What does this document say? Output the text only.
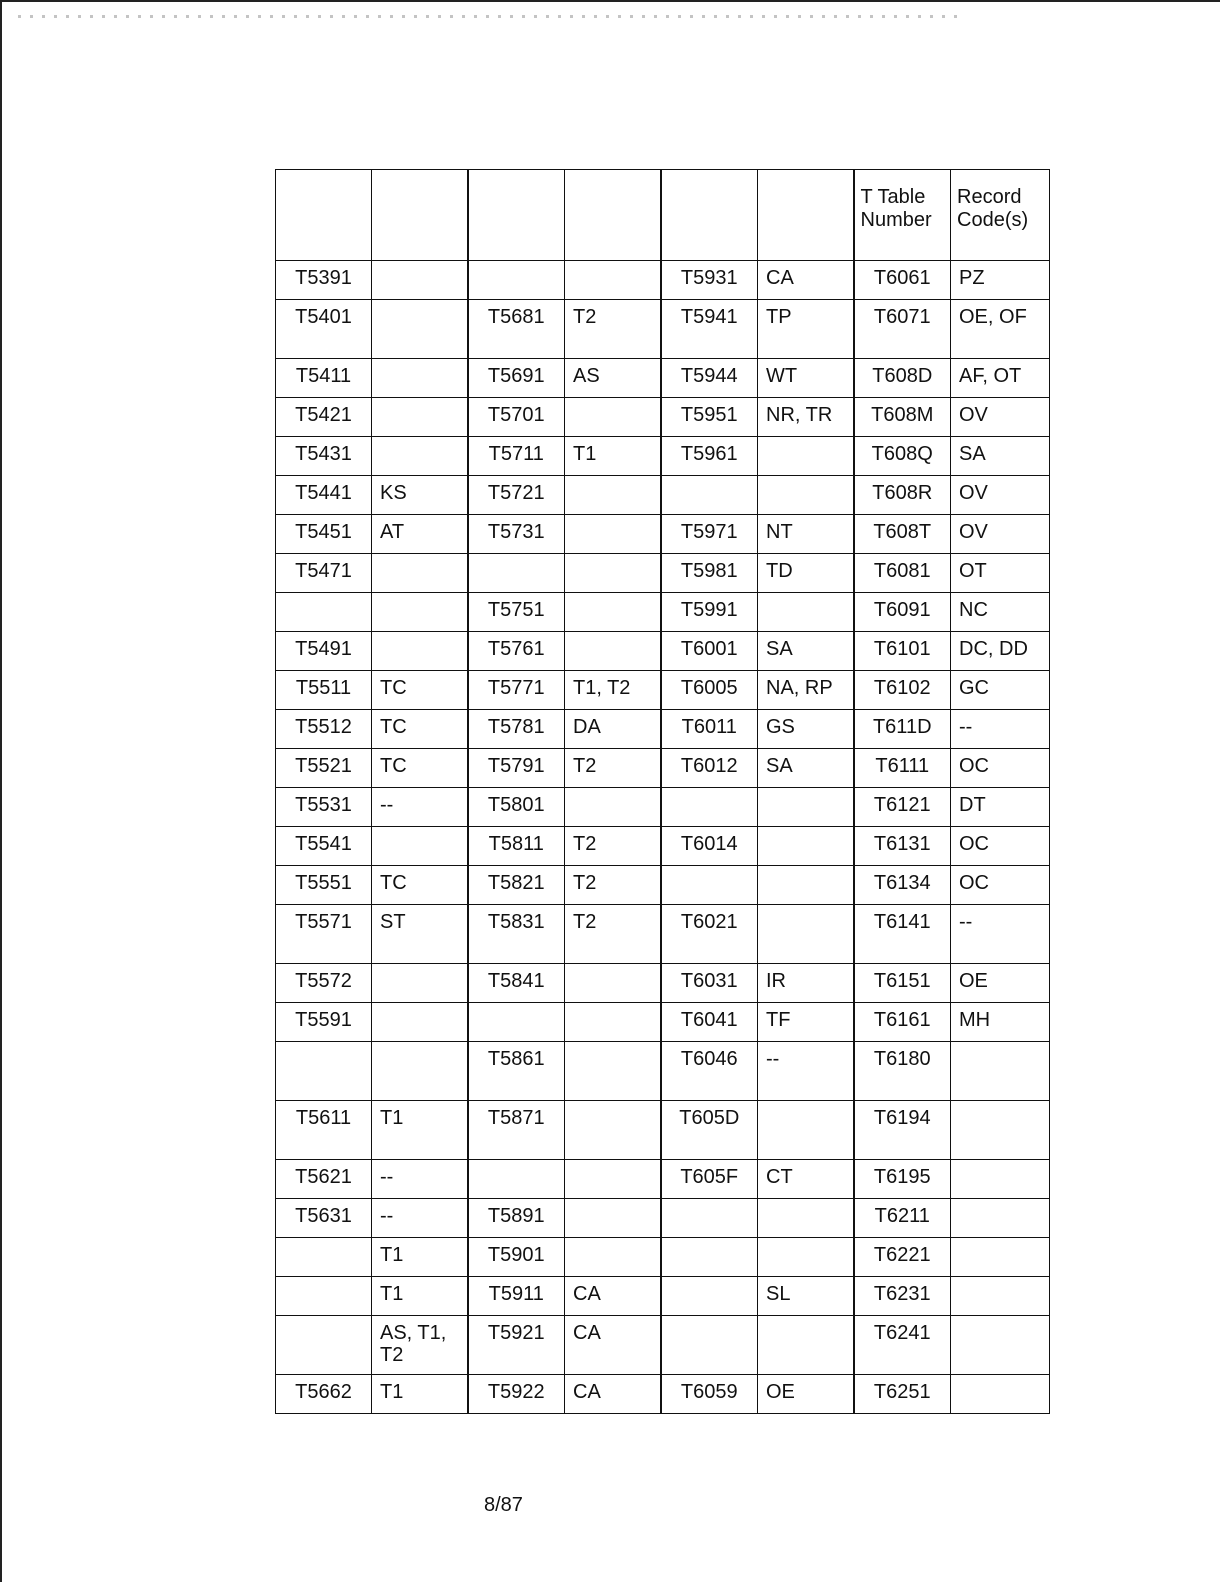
						T Table Number	Record Code(s)
T5391				T5931	CA	T6061	PZ
T5401		T5681	T2	T5941	TP	T6071	OE, OF
T5411		T5691	AS	T5944	WT	T608D	AF, OT
T5421		T5701		T5951	NR, TR	T608M	OV
T5431		T5711	T1	T5961		T608Q	SA
T5441	KS	T5721				T608R	OV
T5451	AT	T5731		T5971	NT	T608T	OV
T5471				T5981	TD	T6081	OT
		T5751		T5991		T6091	NC
T5491		T5761		T6001	SA	T6101	DC, DD
T5511	TC	T5771	T1, T2	T6005	NA, RP	T6102	GC
T5512	TC	T5781	DA	T6011	GS	T611D	--
T5521	TC	T5791	T2	T6012	SA	T6111	OC
T5531	--	T5801				T6121	DT
T5541		T5811	T2	T6014		T6131	OC
T5551	TC	T5821	T2			T6134	OC
T5571	ST	T5831	T2	T6021		T6141	--
T5572		T5841		T6031	IR	T6151	OE
T5591				T6041	TF	T6161	MH
		T5861		T6046	--	T6180	
T5611	T1	T5871		T605D		T6194	
T5621	--			T605F	CT	T6195	
T5631	--	T5891				T6211	
	T1	T5901				T6221	
	T1	T5911	CA		SL	T6231	
	AS, T1, T2	T5921	CA			T6241	
T5662	T1	T5922	CA	T6059	OE	T6251	
8/87
